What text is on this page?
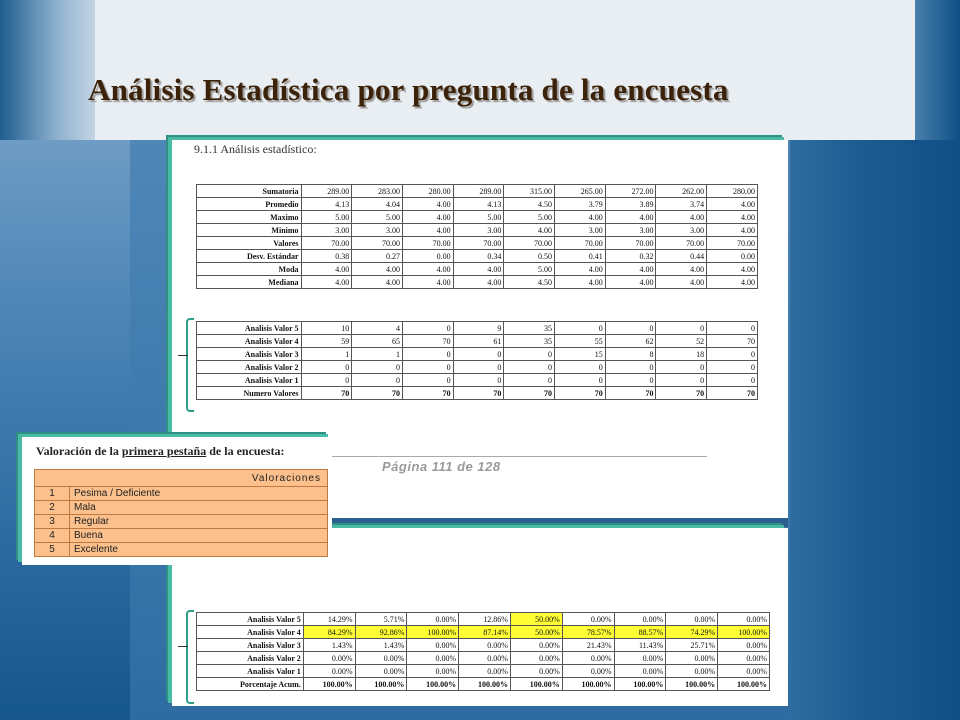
Análisis Estadística por pregunta de la encuesta
9.1.1 Análisis estadístico:
Sumatoria	289.00	283.00	280.00	289.00	315.00	265.00	272.00	262.00	280.00
Promedio	4.13	4.04	4.00	4.13	4.50	3.79	3.89	3.74	4.00
Maximo	5.00	5.00	4.00	5.00	5.00	4.00	4.00	4.00	4.00
Minimo	3.00	3.00	4.00	3.00	4.00	3.00	3.00	3.00	4.00
Valores	70.00	70.00	70.00	70.00	70.00	70.00	70.00	70.00	70.00
Desv. Estándar	0.38	0.27	0.00	0.34	0.50	0.41	0.32	0.44	0.00
Moda	4.00	4.00	4.00	4.00	5.00	4.00	4.00	4.00	4.00
Mediana	4.00	4.00	4.00	4.00	4.50	4.00	4.00	4.00	4.00
Analisis Valor 5	10	4	0	9	35	0	0	0	0
Analisis Valor 4	59	65	70	61	35	55	62	52	70
Analisis Valor 3	1	1	0	0	0	15	8	18	0
Analisis Valor 2	0	0	0	0	0	0	0	0	0
Analisis Valor 1	0	0	0	0	0	0	0	0	0
Numero Valores	70	70	70	70	70	70	70	70	70
Página 111 de 128
Analisis Valor 5	14.29%	5.71%	0.00%	12.86%	50.00%	0.00%	0.00%	0.00%	0.00%
Analisis Valor 4	84.29%	92.86%	100.00%	87.14%	50.00%	78.57%	88.57%	74.29%	100.00%
Analisis Valor 3	1.43%	1.43%	0.00%	0.00%	0.00%	21.43%	11.43%	25.71%	0.00%
Analisis Valor 2	0.00%	0.00%	0.00%	0.00%	0.00%	0.00%	0.00%	0.00%	0.00%
Analisis Valor 1	0.00%	0.00%	0.00%	0.00%	0.00%	0.00%	0.00%	0.00%	0.00%
Porcentaje Acum.	100.00%	100.00%	100.00%	100.00%	100.00%	100.00%	100.00%	100.00%	100.00%
Valoración de la primera pestaña de la encuesta:
Valoraciones	
1	Pesima / Deficiente
2	Mala
3	Regular
4	Buena
5	Excelente
